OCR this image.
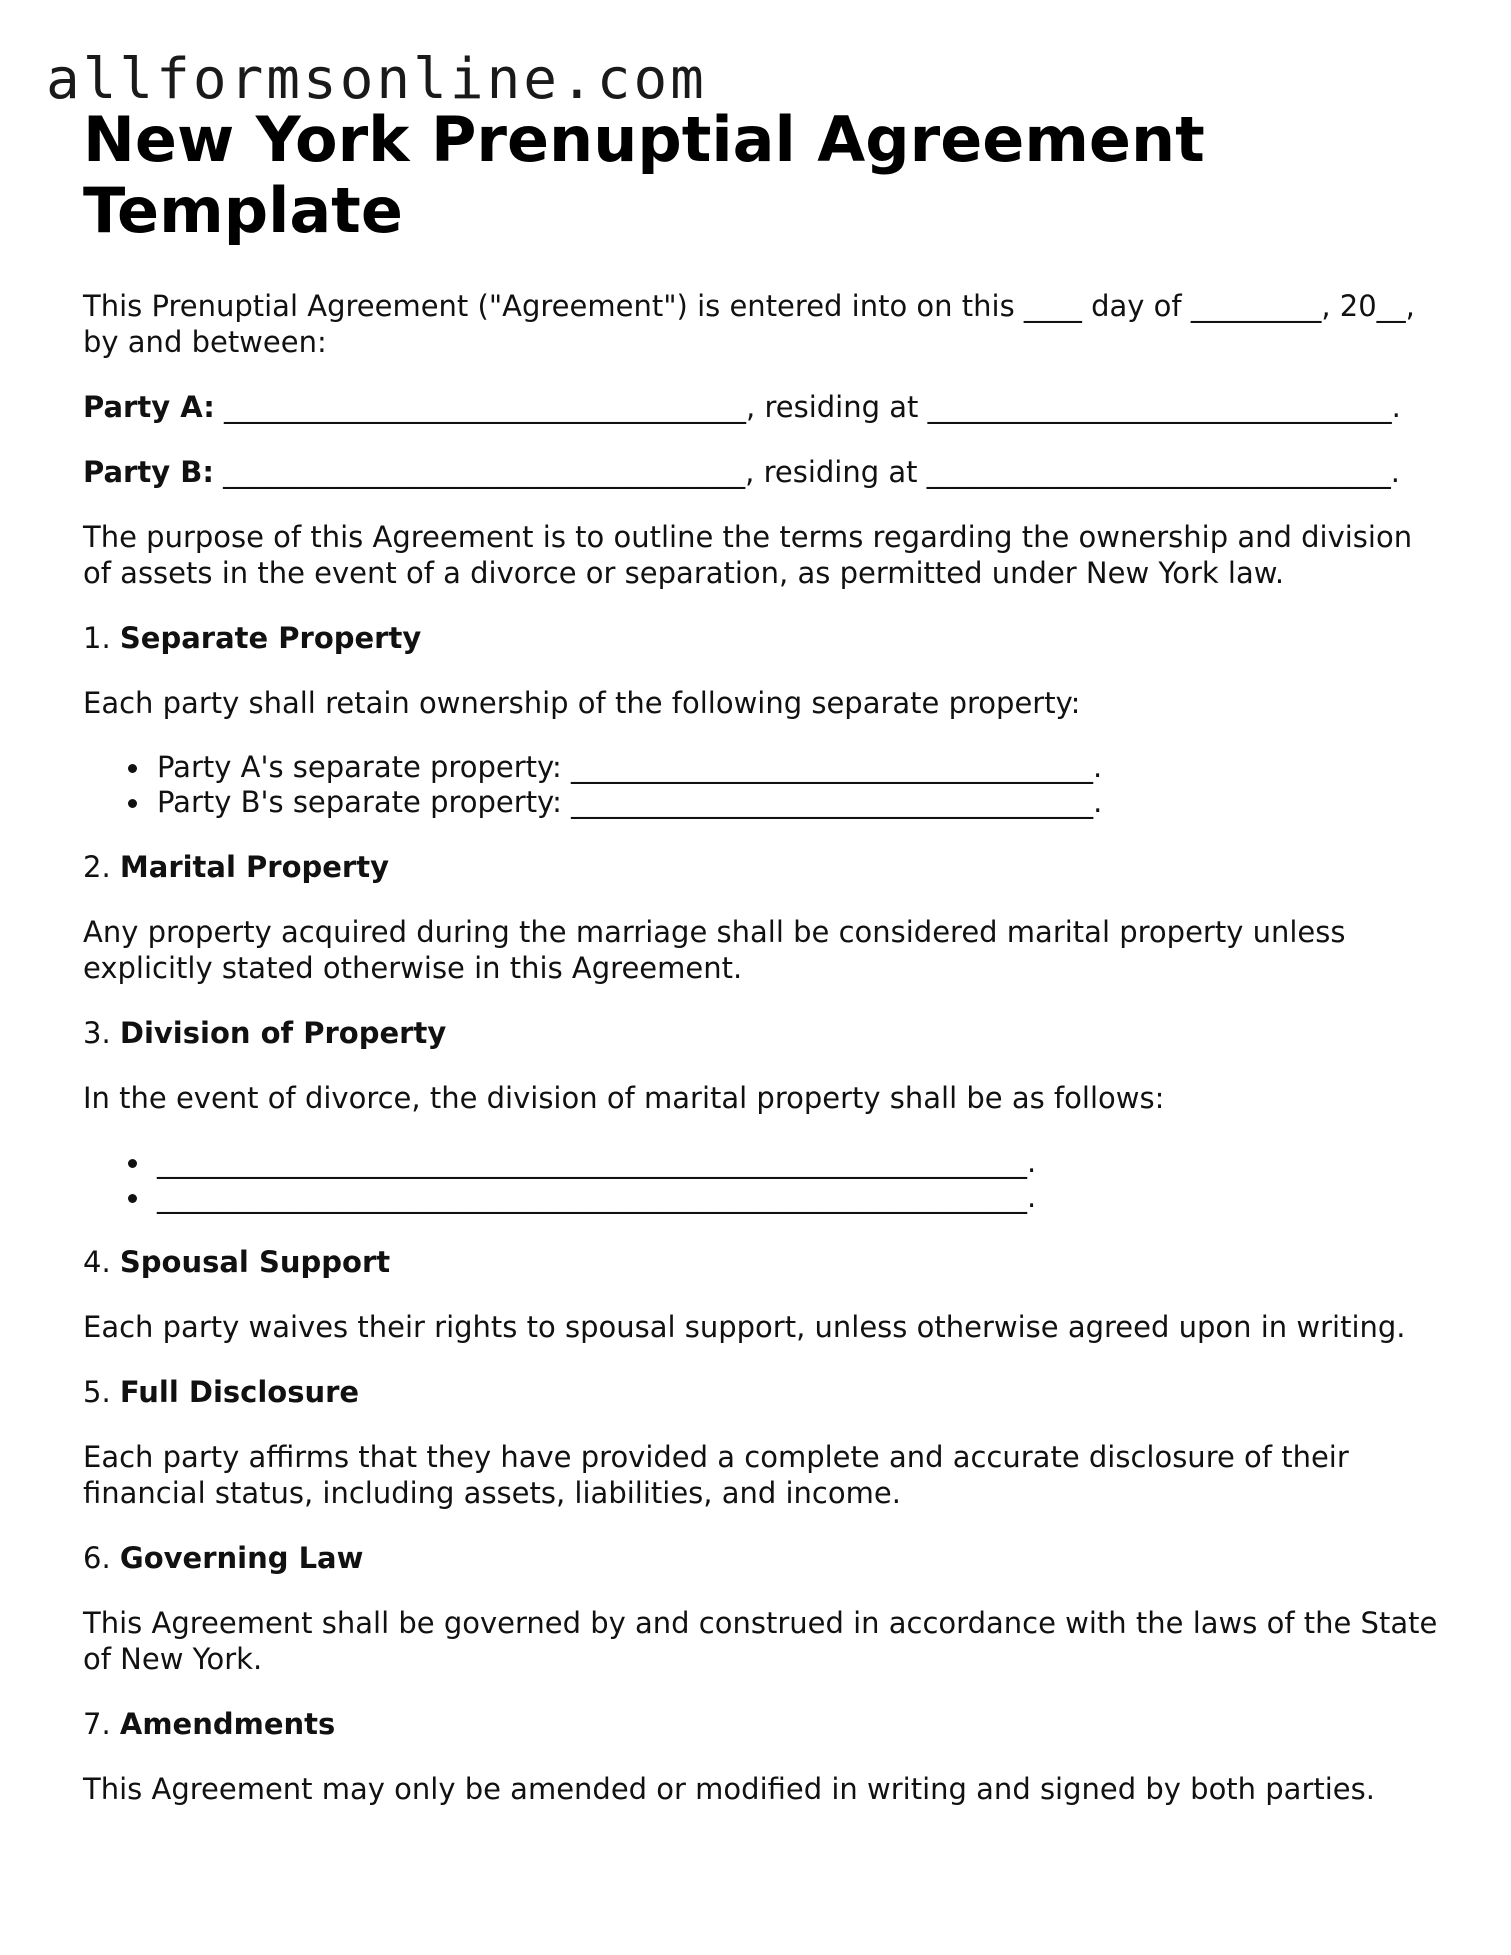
allformsonline.com
New York Prenuptial Agreement Template

This Prenuptial Agreement ("Agreement") is entered into on this ____ day of _________, 20__, by and between:

Party A: ____________________________________, residing at ________________________________.

Party B: ____________________________________, residing at ________________________________.

The purpose of this Agreement is to outline the terms regarding the ownership and division of assets in the event of a divorce or separation, as permitted under New York law.

1. Separate Property

Each party shall retain ownership of the following separate property:

Party A's separate property: ____________________________________.
Party B's separate property: ____________________________________.

2. Marital Property

Any property acquired during the marriage shall be considered marital property unless explicitly stated otherwise in this Agreement.

3. Division of Property

In the event of divorce, the division of marital property shall be as follows:

____________________________________________________________.
____________________________________________________________.

4. Spousal Support

Each party waives their rights to spousal support, unless otherwise agreed upon in writing.

5. Full Disclosure

Each party affirms that they have provided a complete and accurate disclosure of their financial status, including assets, liabilities, and income.

6. Governing Law

This Agreement shall be governed by and construed in accordance with the laws of the State of New York.

7. Amendments

This Agreement may only be amended or modified in writing and signed by both parties.
